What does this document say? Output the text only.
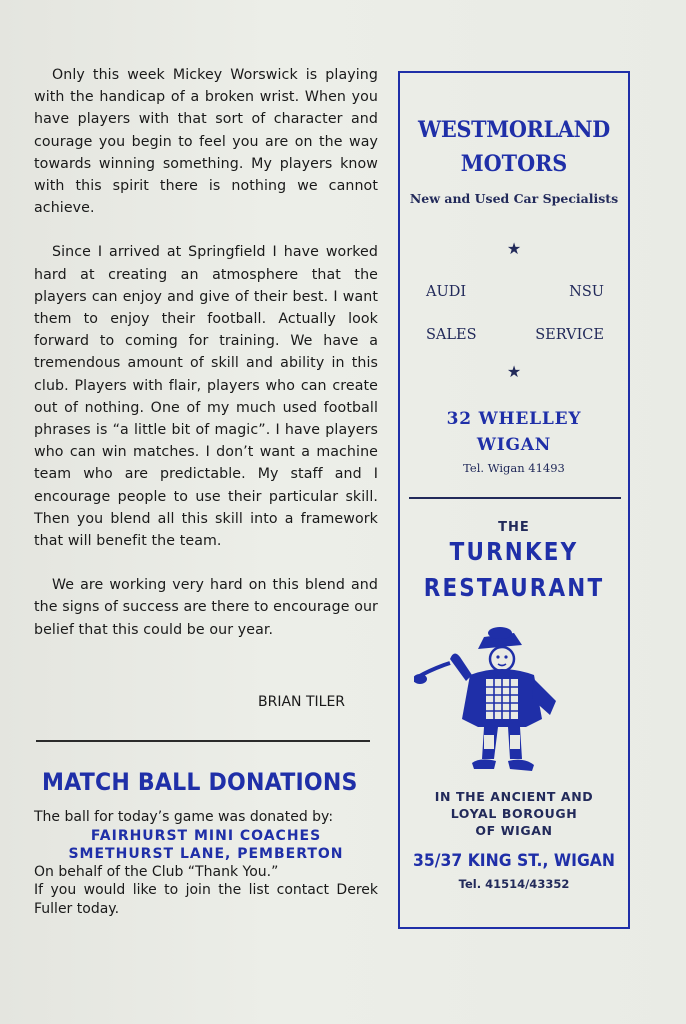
Only this week Mickey Worswick is playing with the handicap of a broken wrist. When you have players with that sort of character and courage you begin to feel you are on the way towards winning something. My players know with this spirit there is nothing we cannot achieve.

Since I arrived at Springfield I have worked hard at creating an atmosphere that the players can enjoy and give of their best. I want them to enjoy their football. Actually look forward to coming for training. We have a tremendous amount of skill and ability in this club. Players with flair, players who can create out of nothing. One of my much used football phrases is “a little bit of magic”. I have players who can win matches. I don’t want a machine team who are predictable. My staff and I encourage people to use their particular skill. Then you blend all this skill into a framework that will benefit the team.

We are working very hard on this blend and the signs of success are there to encourage our belief that this could be our year.

BRIAN TILER
MATCH BALL DONATIONS

The ball for today’s game was donated by:

FAIRHURST MINI COACHES

SMETHURST LANE, PEMBERTON

On behalf of the Club “Thank You.”

If you would like to join the list contact Derek Fuller today.

WESTMORLAND
MOTORS
New and Used Car Specialists
★
AUDI	NSU
SALES	SERVICE
★
32 WHELLEY
WIGAN
Tel. Wigan 41493
THE
TURNKEY
RESTAURANT
IN THE ANCIENT AND
LOYAL BOROUGH
OF WIGAN
35/37 KING ST., WIGAN
Tel. 41514/43352
